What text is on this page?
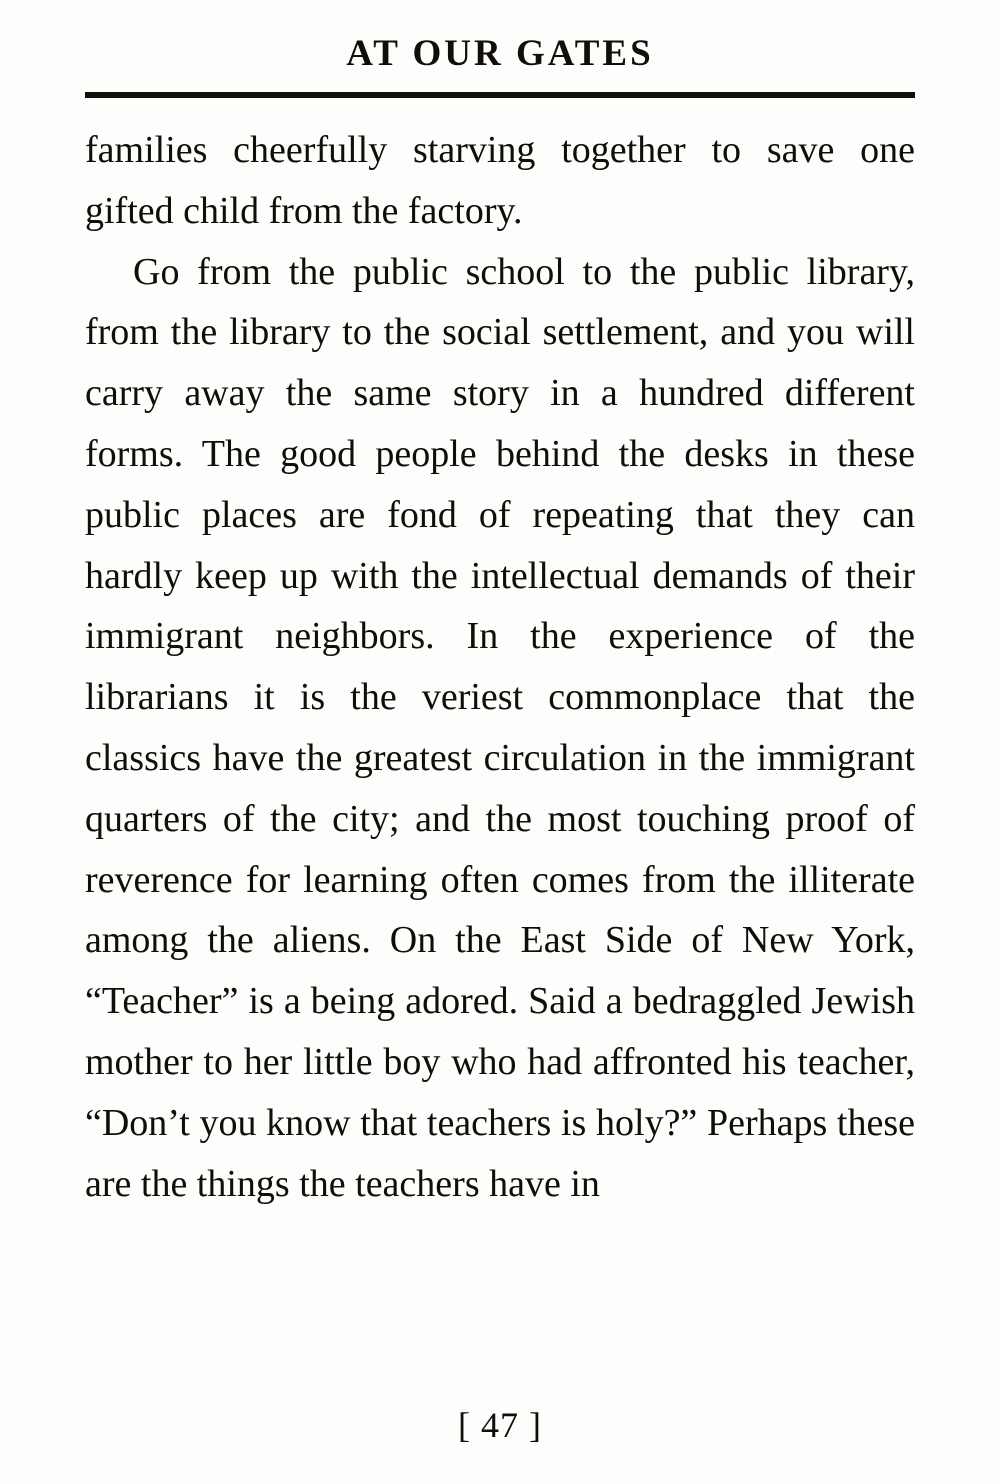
AT OUR GATES

families cheerfully starving together to save one gifted child from the factory.

Go from the public school to the public library, from the library to the social settlement, and you will carry away the same story in a hundred different forms. The good people behind the desks in these public places are fond of repeating that they can hardly keep up with the intellectual demands of their immigrant neighbors. In the experience of the librarians it is the veriest commonplace that the classics have the greatest circulation in the immigrant quarters of the city; and the most touching proof of reverence for learning often comes from the illiterate among the aliens. On the East Side of New York, “Teacher” is a being adored. Said a bedraggled Jewish mother to her little boy who had affronted his teacher, “Don’t you know that teachers is holy?” Perhaps these are the things the teachers have in

[ 47 ]
